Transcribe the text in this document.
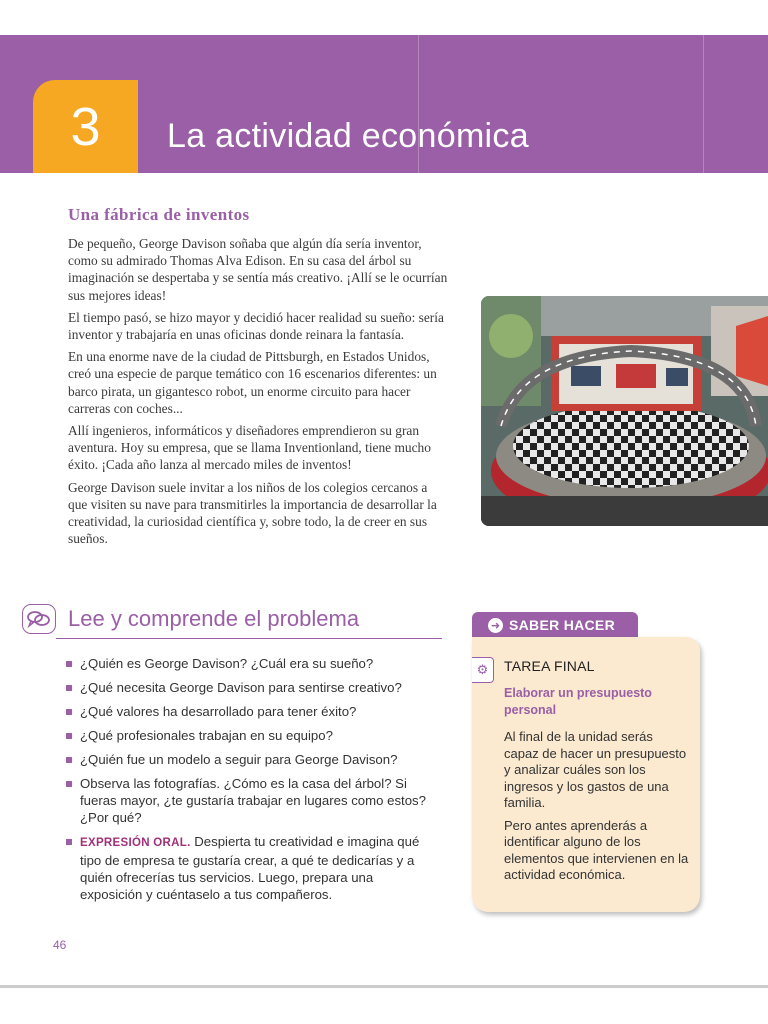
3 La actividad económica
Una fábrica de inventos

De pequeño, George Davison soñaba que algún día sería inventor, como su admirado Thomas Alva Edison. En su casa del árbol su imaginación se despertaba y se sentía más creativo. ¡Allí se le ocurrían sus mejores ideas!

El tiempo pasó, se hizo mayor y decidió hacer realidad su sueño: sería inventor y trabajaría en unas oficinas donde reinara la fantasía.

En una enorme nave de la ciudad de Pittsburgh, en Estados Unidos, creó una especie de parque temático con 16 escenarios diferentes: un barco pirata, un gigantesco robot, un enorme circuito para hacer carreras con coches...

Allí ingenieros, informáticos y diseñadores emprendieron su gran aventura. Hoy su empresa, que se llama Inventionland, tiene mucho éxito. ¡Cada año lanza al mercado miles de inventos!

George Davison suele invitar a los niños de los colegios cercanos a que visiten su nave para transmitirles la importancia de desarrollar la creatividad, la curiosidad científica y, sobre todo, la de creer en sus sueños.

Lee y comprende el problema
¿Quién es George Davison? ¿Cuál era su sueño?
¿Qué necesita George Davison para sentirse creativo?
¿Qué valores ha desarrollado para tener éxito?
¿Qué profesionales trabajan en su equipo?
¿Quién fue un modelo a seguir para George Davison?
Observa las fotografías. ¿Cómo es la casa del árbol? Si fueras mayor, ¿te gustaría trabajar en lugares como estos? ¿Por qué?
EXPRESIÓN ORAL. Despierta tu creatividad e imagina qué tipo de empresa te gustaría crear, a qué te dedicarías y a quién ofrecerías tus servicios. Luego, prepara una exposición y cuéntaselo a tus compañeros.
➜ SABER HACER
⚙	TAREA FINAL
Elaborar un presupuesto personal

Al final de la unidad serás capaz de hacer un presupuesto y analizar cuáles son los ingresos y los gastos de una familia.

Pero antes aprenderás a identificar alguno de los elementos que intervienen en la actividad económica.

46
